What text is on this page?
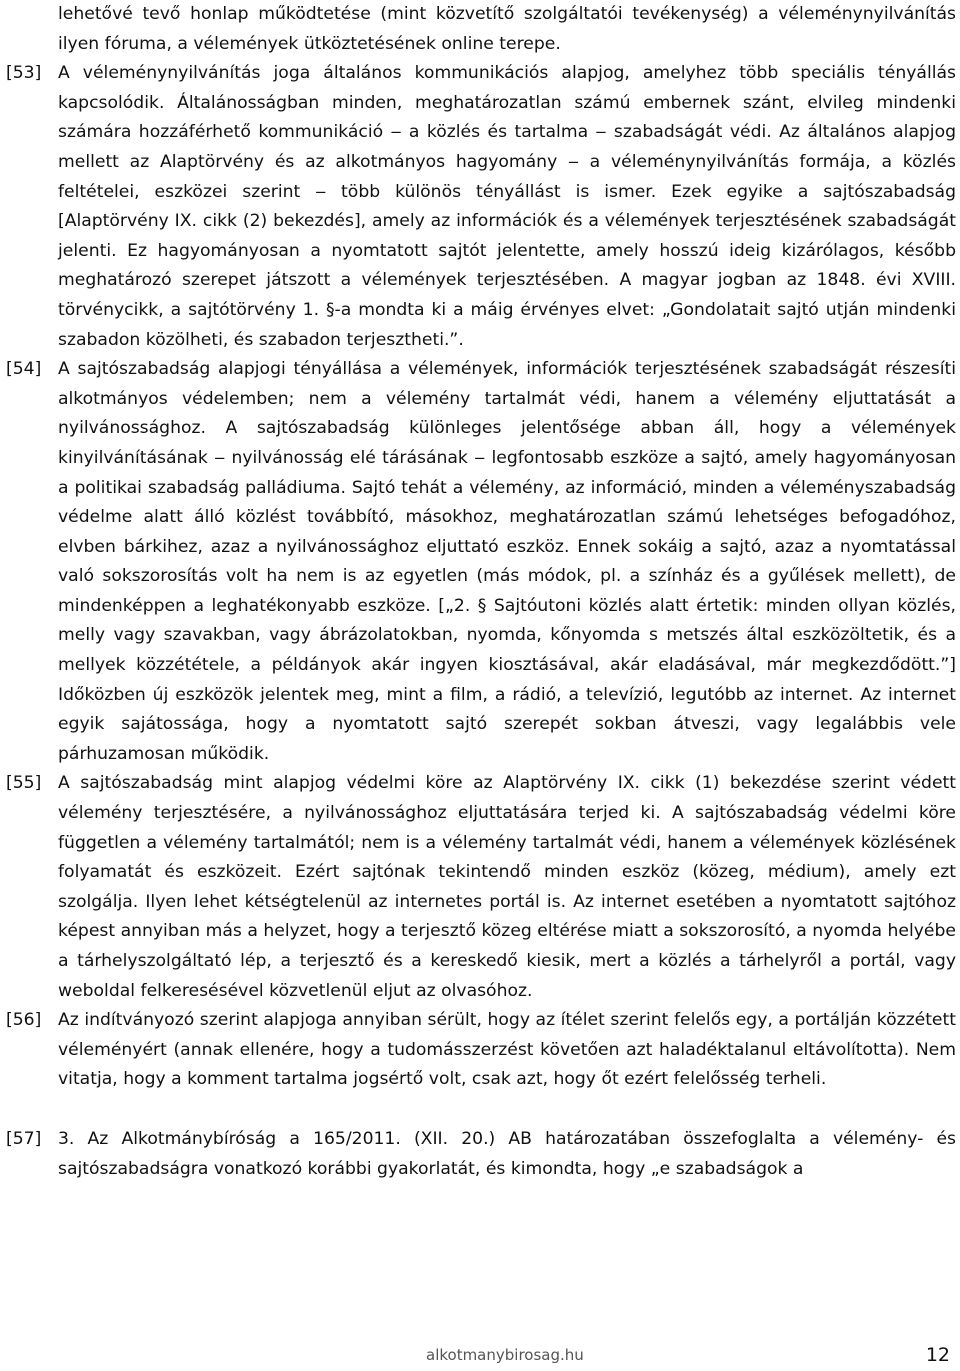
lehetővé tevő honlap működtetése (mint közvetítő szolgáltatói tevékenység) a véleménynyilvánítás ilyen fóruma, a vélemények ütköztetésének online terepe.
[53] A véleménynyilvánítás joga általános kommunikációs alapjog, amelyhez több speciális tényállás kapcsolódik. Általánosságban minden, meghatározatlan számú embernek szánt, elvileg mindenki számára hozzáférhető kommunikáció ‒ a közlés és tartalma ‒ szabadságát védi. Az általános alapjog mellett az Alaptörvény és az alkotmányos hagyomány ‒ a véleménynyilvánítás formája, a közlés feltételei, eszközei szerint ‒ több különös tényállást is ismer. Ezek egyike a sajtószabadság [Alaptörvény IX. cikk (2) bekezdés], amely az információk és a vélemények terjesztésének szabadságát jelenti. Ez hagyományosan a nyomtatott sajtót jelentette, amely hosszú ideig kizárólagos, később meghatározó szerepet játszott a vélemények terjesztésében. A magyar jogban az 1848. évi XVIII. törvénycikk, a sajtótörvény 1. §-a mondta ki a máig érvényes elvet: „Gondolatait sajtó utján mindenki szabadon közölheti, és szabadon terjesztheti.”.
[54] A sajtószabadság alapjogi tényállása a vélemények, információk terjesztésének szabadságát részesíti alkotmányos védelemben; nem a vélemény tartalmát védi, hanem a vélemény eljuttatását a nyilvánossághoz. A sajtószabadság különleges jelentősége abban áll, hogy a vélemények kinyilvánításának ‒ nyilvánosság elé tárásának ‒ legfontosabb eszköze a sajtó, amely hagyományosan a politikai szabadság palládiuma. Sajtó tehát a vélemény, az információ, minden a véleményszabadság védelme alatt álló közlést továbbító, másokhoz, meghatározatlan számú lehetséges befogadóhoz, elvben bárkihez, azaz a nyilvánossághoz eljuttató eszköz. Ennek sokáig a sajtó, azaz a nyomtatással való sokszorosítás volt ha nem is az egyetlen (más módok, pl. a színház és a gyűlések mellett), de mindenképpen a leghatékonyabb eszköze. [„2. § Sajtóutoni közlés alatt értetik: minden ollyan közlés, melly vagy szavakban, vagy ábrázolatokban, nyomda, kőnyomda s metszés által eszközöltetik, és a mellyek közzététele, a példányok akár ingyen kiosztásával, akár eladásával, már megkezdődött.”] Időközben új eszközök jelentek meg, mint a film, a rádió, a televízió, legutóbb az internet. Az internet egyik sajátossága, hogy a nyomtatott sajtó szerepét sokban átveszi, vagy legalábbis vele párhuzamosan működik.
[55] A sajtószabadság mint alapjog védelmi köre az Alaptörvény IX. cikk (1) bekezdése szerint védett vélemény terjesztésére, a nyilvánossághoz eljuttatására terjed ki. A sajtószabadság védelmi köre független a vélemény tartalmától; nem is a vélemény tartalmát védi, hanem a vélemények közlésének folyamatát és eszközeit. Ezért sajtónak tekintendő minden eszköz (közeg, médium), amely ezt szolgálja. Ilyen lehet kétségtelenül az internetes portál is. Az internet esetében a nyomtatott sajtóhoz képest annyiban más a helyzet, hogy a terjesztő közeg eltérése miatt a sokszorosító, a nyomda helyébe a tárhelyszolgáltató lép, a terjesztő és a kereskedő kiesik, mert a közlés a tárhelyről a portál, vagy weboldal felkeresésével közvetlenül eljut az olvasóhoz.
[56] Az indítványozó szerint alapjoga annyiban sérült, hogy az ítélet szerint felelős egy, a portálján közzétett véleményért (annak ellenére, hogy a tudomásszerzést követően azt haladéktalanul eltávolította). Nem vitatja, hogy a komment tartalma jogsértő volt, csak azt, hogy őt ezért felelősség terheli.
[57] 3. Az Alkotmánybíróság a 165/2011. (XII. 20.) AB határozatában összefoglalta a vélemény- és sajtószabadságra vonatkozó korábbi gyakorlatát, és kimondta, hogy „e szabadságok a
alkotmanybirosag.hu	12
